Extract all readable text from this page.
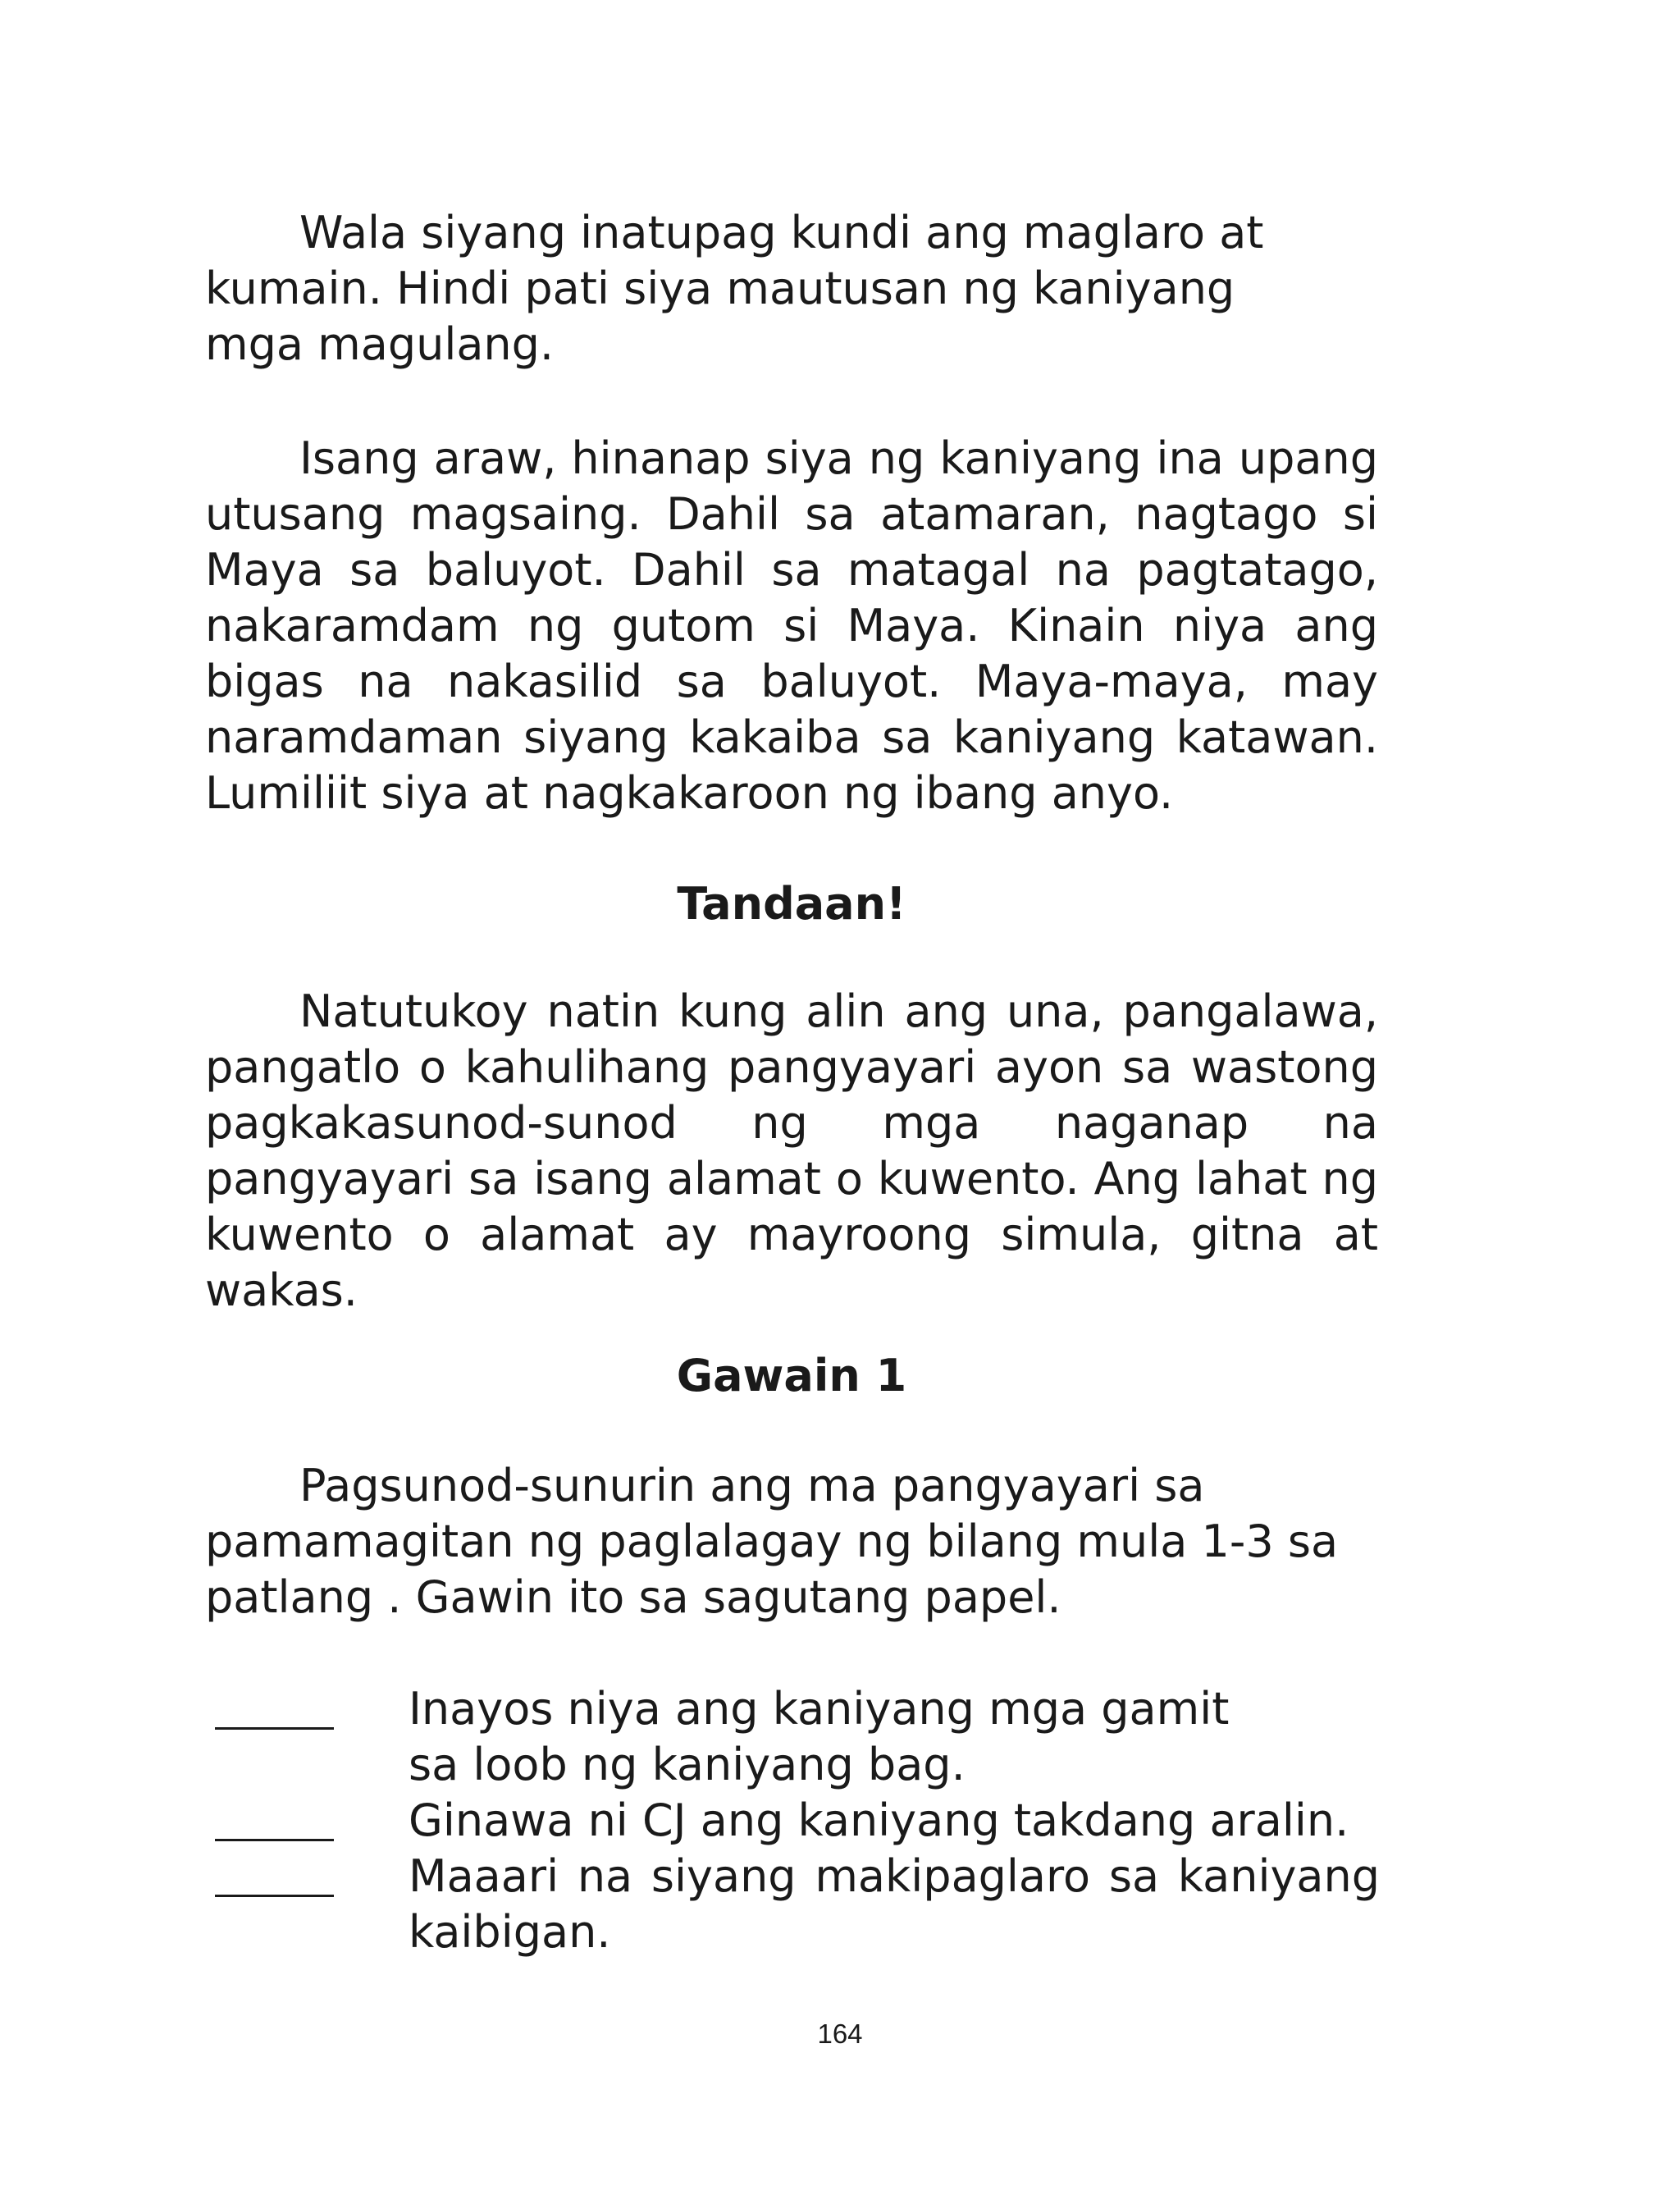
Wala siyang inatupag kundi ang maglaro at kumain. Hindi pati siya mautusan ng kaniyang mga magulang.

Isang araw, hinanap siya ng kaniyang ina upang utusang magsaing. Dahil sa atamaran, nagtago si Maya sa baluyot. Dahil sa matagal na pagtatago, nakaramdam ng gutom si Maya. Kinain niya ang bigas na nakasilid sa baluyot. Maya-maya, may naramdaman siyang kakaiba sa kaniyang katawan. Lumiliit siya at nagkakaroon ng ibang anyo.

Tandaan!

Natutukoy natin kung alin ang una, pangalawa, pangatlo o kahulihang pangyayari ayon sa wastong pagkakasunod-sunod ng mga naganap na pangyayari sa isang alamat o kuwento. Ang lahat ng kuwento o alamat ay mayroong simula, gitna at wakas.

Gawain 1

Pagsunod-sunurin ang ma pangyayari sa pamamagitan ng paglalagay ng bilang mula 1-3 sa patlang . Gawin ito sa sagutang papel.

Inayos niya ang kaniyang mga gamit sa loob ng kaniyang bag.
Ginawa ni CJ ang kaniyang takdang aralin.
Maaari na siyang makipaglaro sa kaniyang kaibigan.

164
